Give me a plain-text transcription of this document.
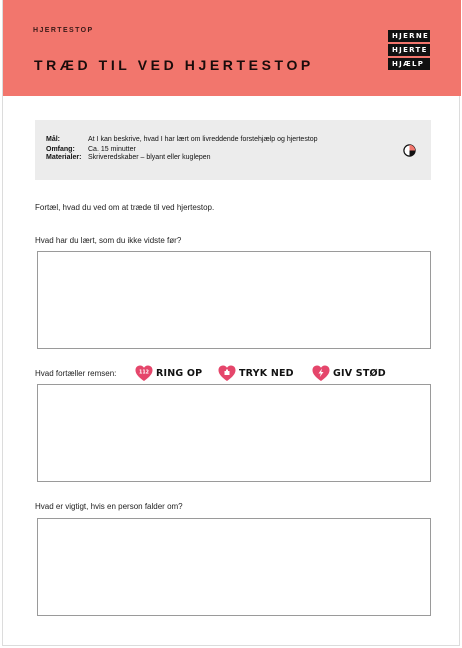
HJERTESTOP
TRÆD TIL VED HJERTESTOP
HJERNE
HJERTE
HJÆLP
Mål:	At I kan beskrive, hvad I har lært om livreddende forstehjælp og hjertestop
Omfang:	Ca. 15 minutter
Materialer: Skriveredskaber – blyant eller kuglepen
Fortæl, hvad du ved om at træde til ved hjertestop.
Hvad har du lært, som du ikke vidste før?
Hvad fortæller remsen:	112 RING OP	TRYK NED	GIV STØD
Hvad er vigtigt, hvis en person falder om?
